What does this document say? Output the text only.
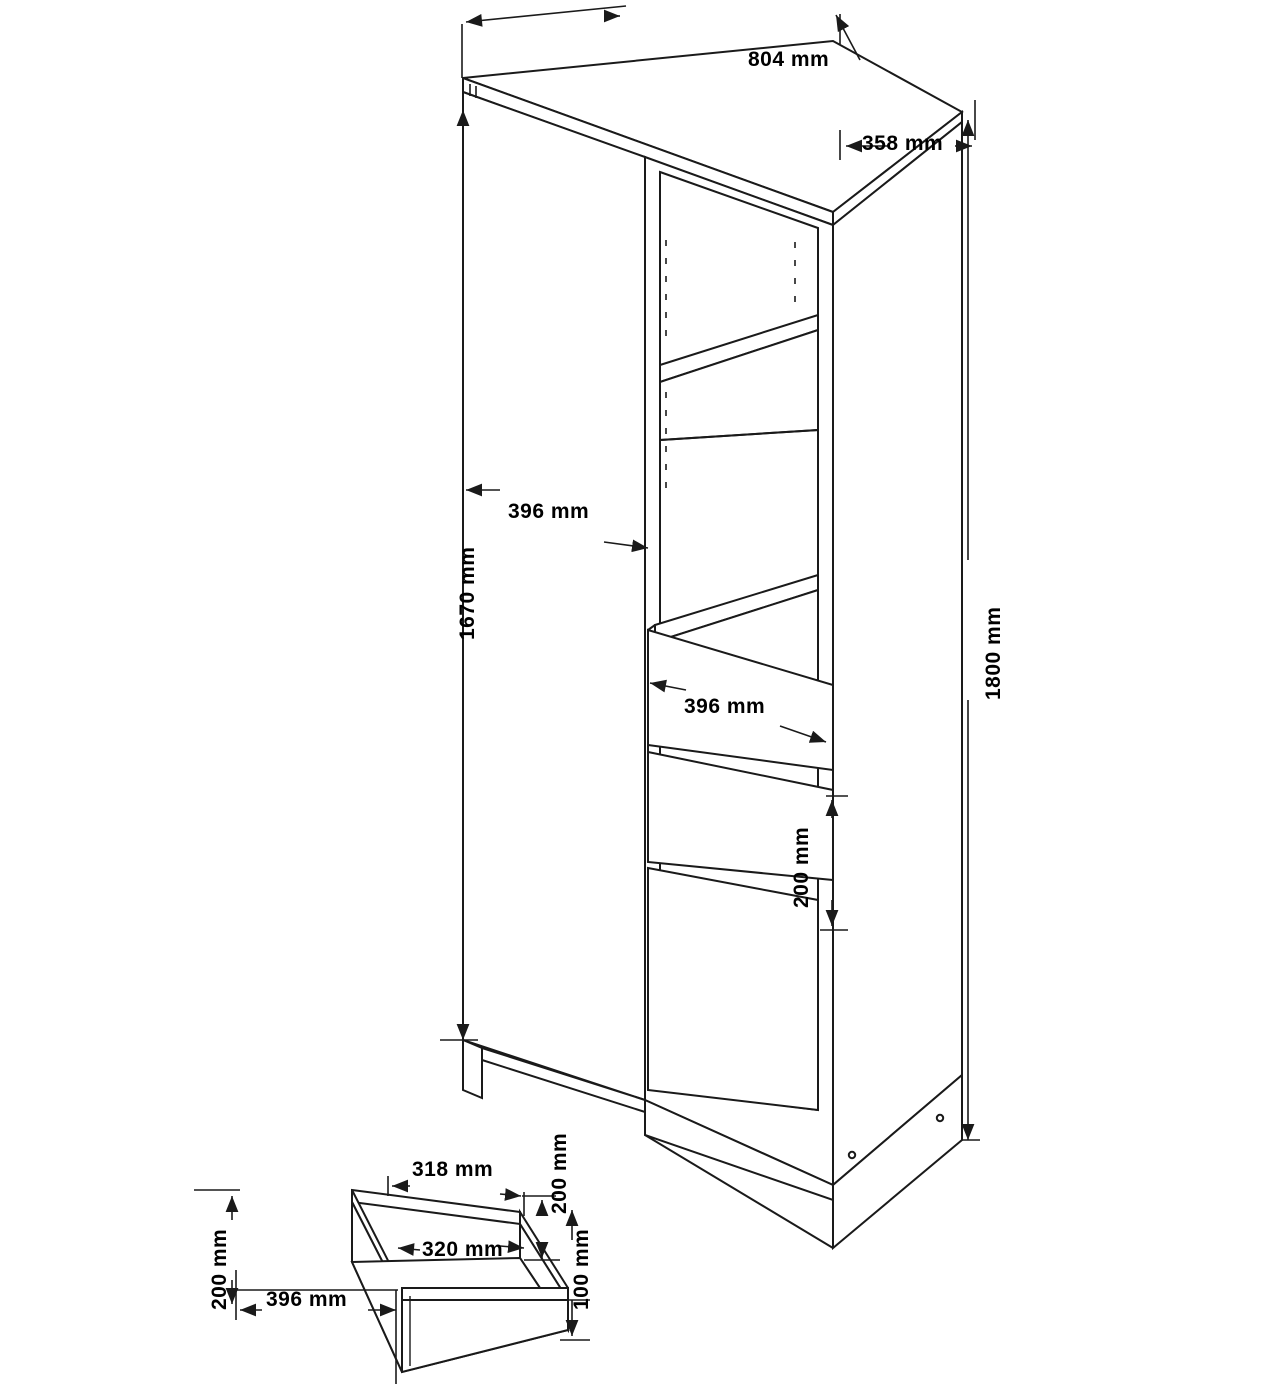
804 mm
358 mm
1800 mm
1670 mm
396 mm
396 mm
200 mm
318 mm
320 mm
396 mm
200 mm	100 mm
200 mm
